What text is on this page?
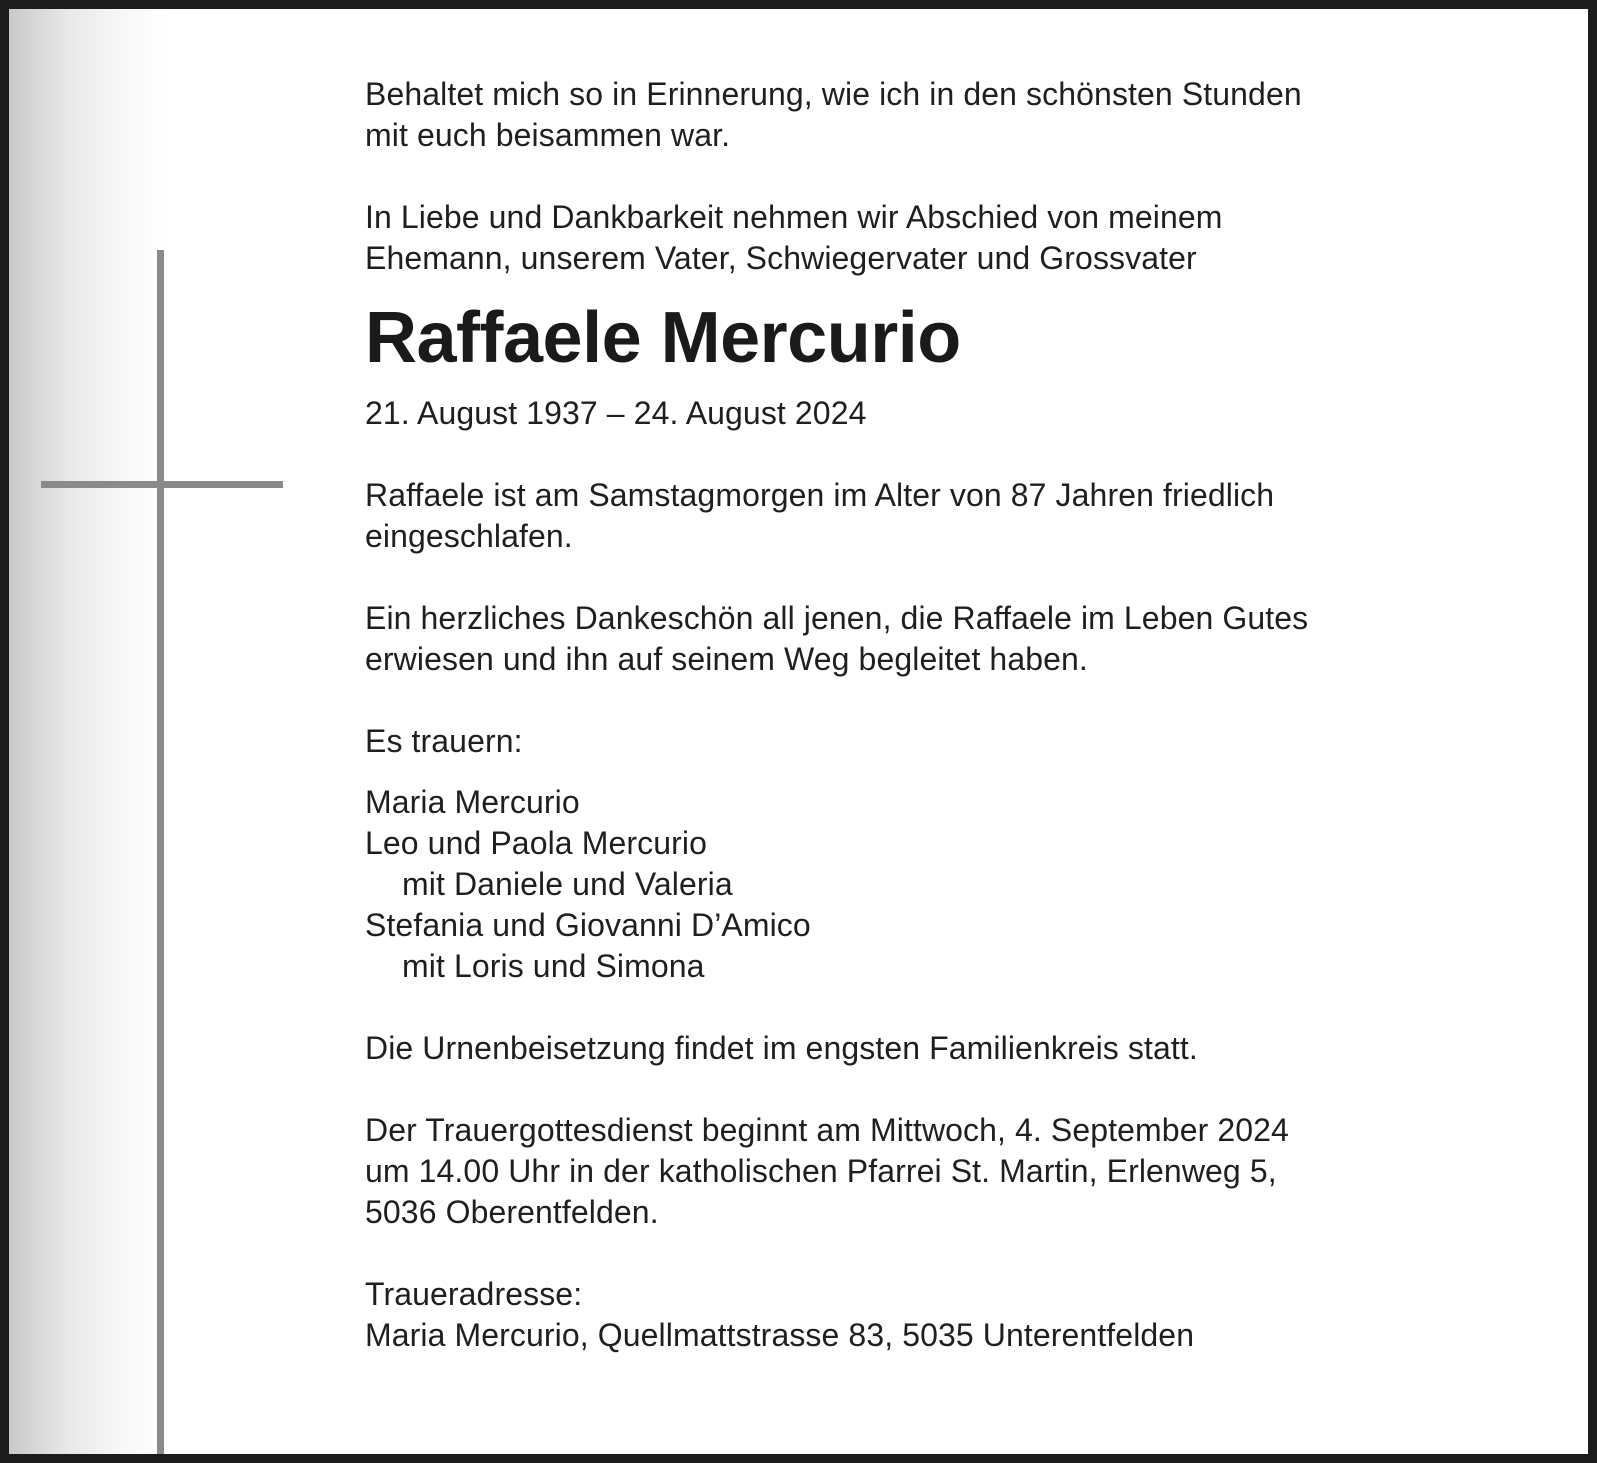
Behaltet mich so in Erinnerung, wie ich in den schönsten Stunden
mit euch beisammen war.

In Liebe und Dankbarkeit nehmen wir Abschied von meinem
Ehemann, unserem Vater, Schwiegervater und Grossvater

Raffaele Mercurio

21. August 1937 – 24. August 2024

Raffaele ist am Samstagmorgen im Alter von 87 Jahren friedlich
eingeschlafen.

Ein herzliches Dankeschön all jenen, die Raffaele im Leben Gutes
erwiesen und ihn auf seinem Weg begleitet haben.

Es trauern:

Maria Mercurio
Leo und Paola Mercurio
mit Daniele und Valeria
Stefania und Giovanni D’Amico
mit Loris und Simona

Die Urnenbeisetzung findet im engsten Familienkreis statt.

Der Trauergottesdienst beginnt am Mittwoch, 4. September 2024
um 14.00 Uhr in der katholischen Pfarrei St. Martin, Erlenweg 5,
5036 Oberentfelden.

Traueradresse:
Maria Mercurio, Quellmattstrasse 83, 5035 Unterentfelden
